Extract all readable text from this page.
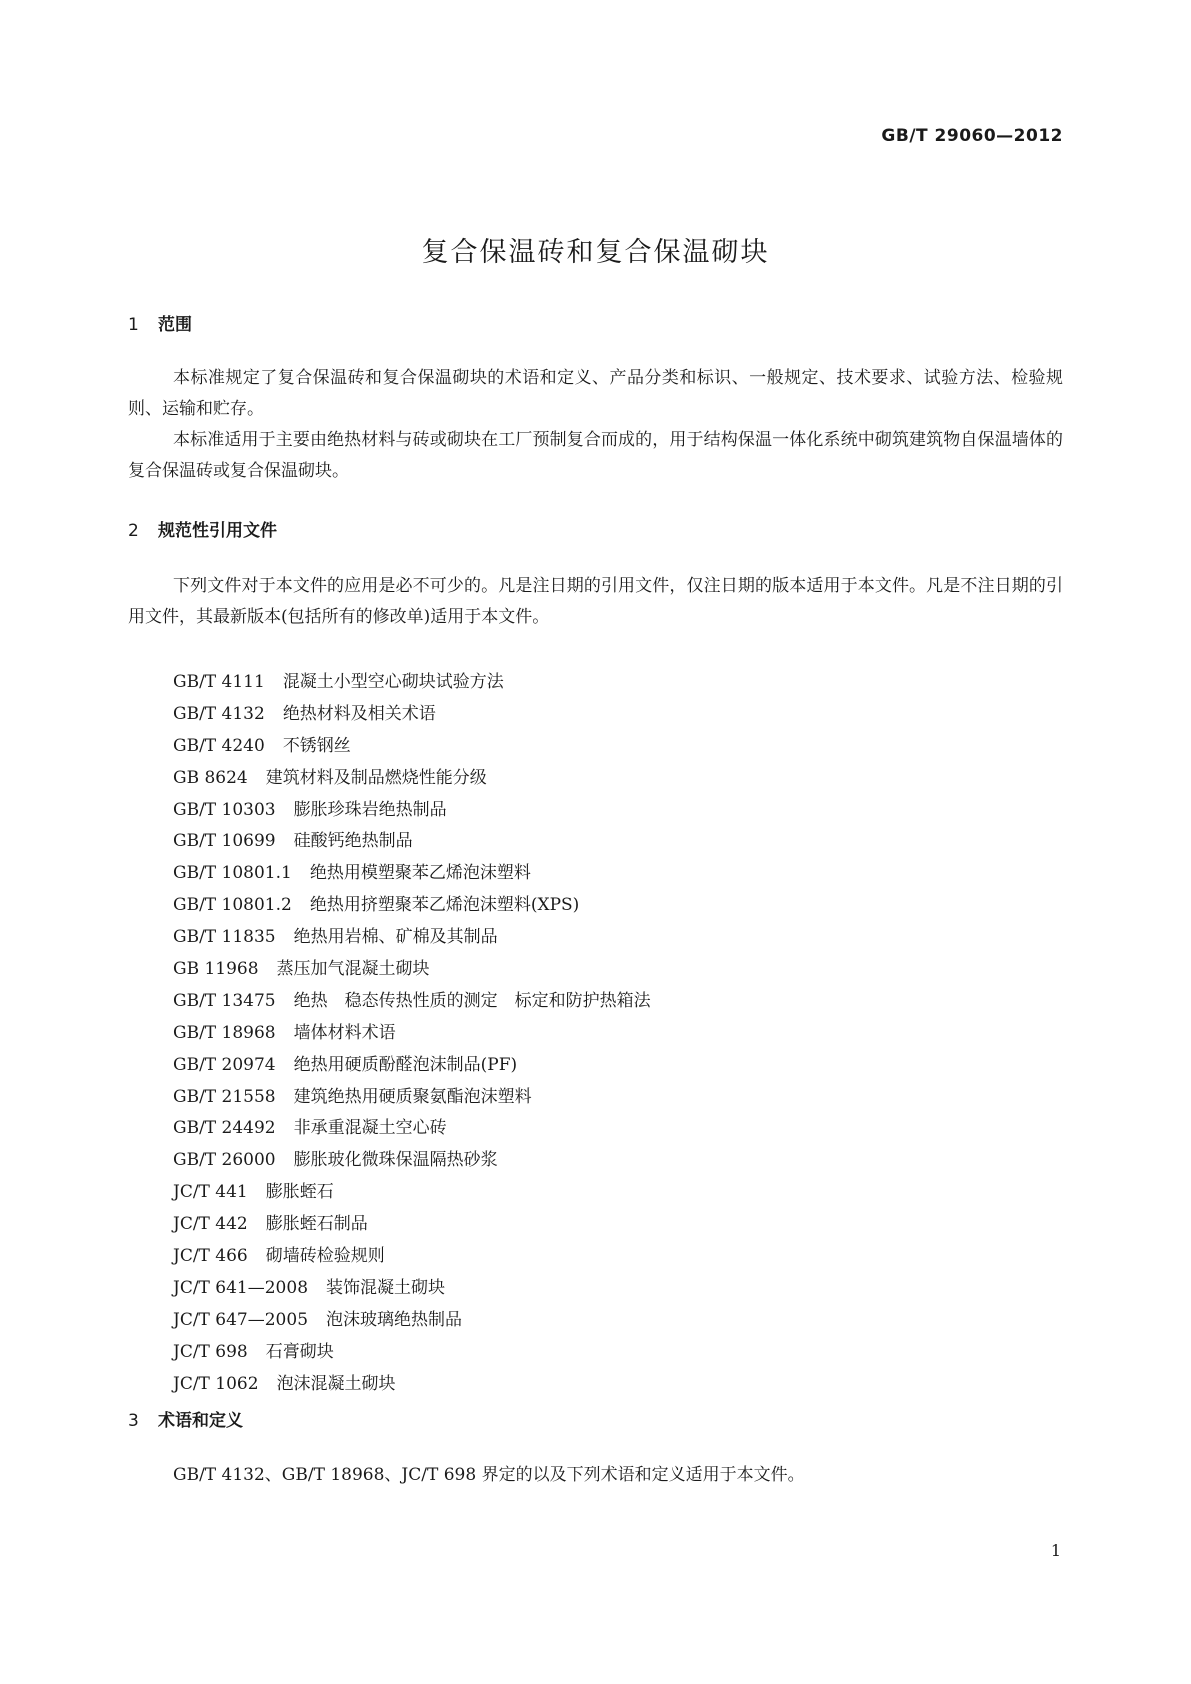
GB/T 29060—2012
复合保温砖和复合保温砌块
1 范围

本标准规定了复合保温砖和复合保温砌块的术语和定义、产品分类和标识、一般规定、技术要求、试验方法、检验规则、运输和贮存。

本标准适用于主要由绝热材料与砖或砌块在工厂预制复合而成的，用于结构保温一体化系统中砌筑建筑物自保温墙体的复合保温砖或复合保温砌块。

2 规范性引用文件

下列文件对于本文件的应用是必不可少的。凡是注日期的引用文件，仅注日期的版本适用于本文件。凡是不注日期的引用文件，其最新版本(包括所有的修改单)适用于本文件。

GB/T 4111 混凝土小型空心砌块试验方法
GB/T 4132 绝热材料及相关术语
GB/T 4240 不锈钢丝
GB 8624 建筑材料及制品燃烧性能分级
GB/T 10303 膨胀珍珠岩绝热制品
GB/T 10699 硅酸钙绝热制品
GB/T 10801.1 绝热用模塑聚苯乙烯泡沫塑料
GB/T 10801.2 绝热用挤塑聚苯乙烯泡沫塑料(XPS)
GB/T 11835 绝热用岩棉、矿棉及其制品
GB 11968 蒸压加气混凝土砌块
GB/T 13475 绝热　稳态传热性质的测定　标定和防护热箱法
GB/T 18968 墙体材料术语
GB/T 20974 绝热用硬质酚醛泡沫制品(PF)
GB/T 21558 建筑绝热用硬质聚氨酯泡沫塑料
GB/T 24492 非承重混凝土空心砖
GB/T 26000 膨胀玻化微珠保温隔热砂浆
JC/T 441 膨胀蛭石
JC/T 442 膨胀蛭石制品
JC/T 466 砌墙砖检验规则
JC/T 641—2008 装饰混凝土砌块
JC/T 647—2005 泡沫玻璃绝热制品
JC/T 698 石膏砌块
JC/T 1062 泡沫混凝土砌块
3 术语和定义

GB/T 4132、GB/T 18968、JC/T 698 界定的以及下列术语和定义适用于本文件。

1
